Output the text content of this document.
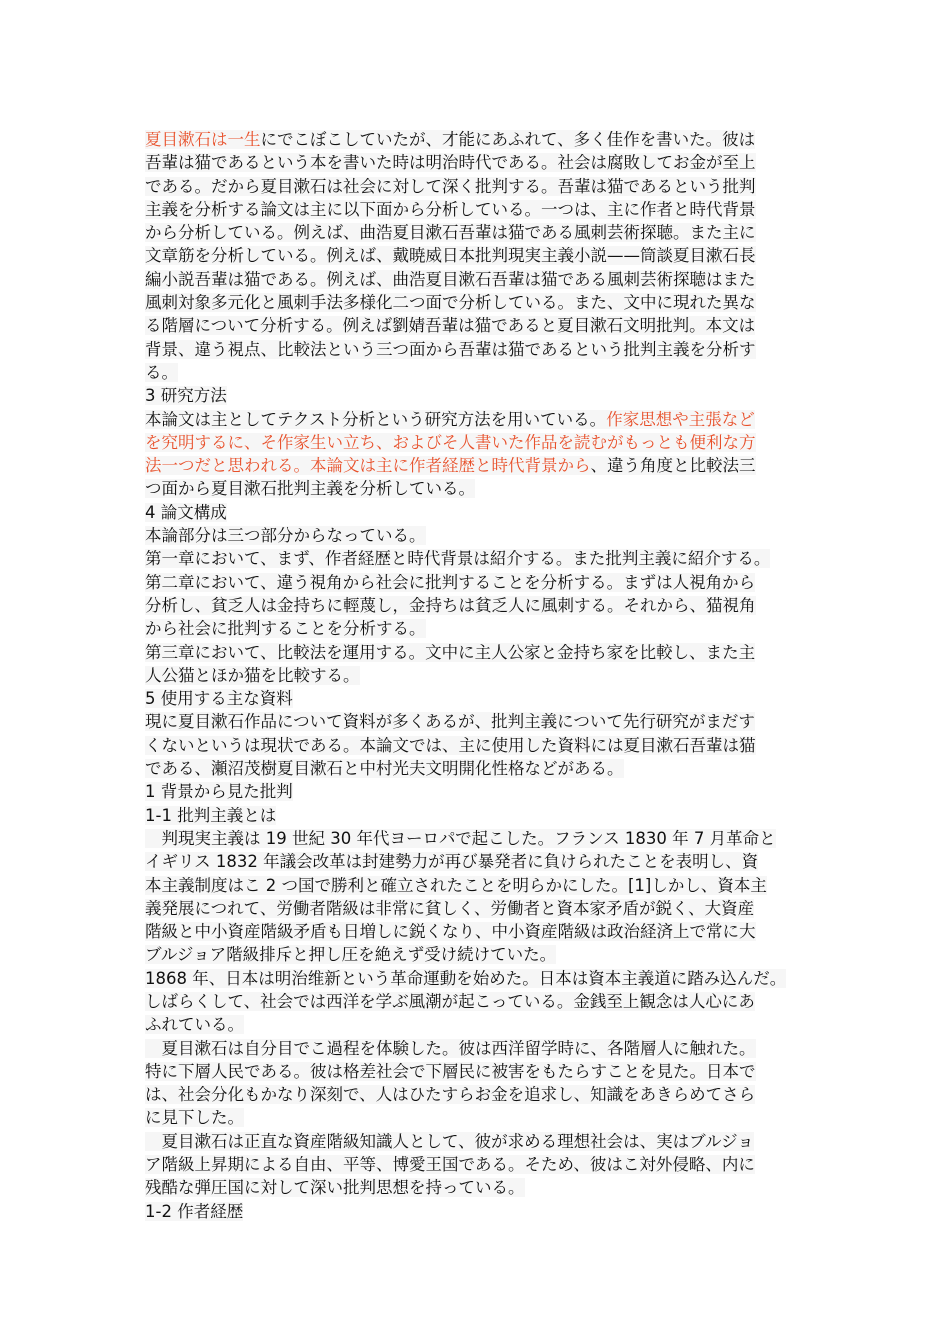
夏目漱石は一生にでこぼこしていたが、才能にあふれて、多く佳作を書いた。彼は
吾輩は猫であるという本を書いた時は明治時代である。社会は腐敗してお金が至上
である。だから夏目漱石は社会に対して深く批判する。吾輩は猫であるという批判
主義を分析する論文は主に以下面から分析している。一つは、主に作者と時代背景
から分析している。例えば、曲浩夏目漱石吾輩は猫である風刺芸術探聴。また主に
文章筋を分析している。例えば、戴暁威日本批判現実主義小説——筒談夏目漱石長
編小説吾輩は猫である。例えば、曲浩夏目漱石吾輩は猫である風刺芸術探聴はまた
風刺対象多元化と風刺手法多様化二つ面で分析している。また、文中に現れた異な
る階層について分析する。例えば劉婧吾輩は猫であると夏目漱石文明批判。本文は
背景、違う視点、比較法という三つ面から吾輩は猫であるという批判主義を分析す
る。
3 研究方法
本論文は主としてテクスト分析という研究方法を用いている。作家思想や主張など
を究明するに、そ作家生い立ち、およびそ人書いた作品を読むがもっとも便利な方
法一つだと思われる。本論文は主に作者経歴と時代背景から、違う角度と比較法三
つ面から夏目漱石批判主義を分析している。
4 論文構成
本論部分は三つ部分からなっている。
第一章において、まず、作者経歴と時代背景は紹介する。また批判主義に紹介する。
第二章において、違う視角から社会に批判することを分析する。まずは人視角から
分析し、貧乏人は金持ちに輕蔑し，金持ちは貧乏人に風刺する。それから、猫視角
から社会に批判することを分析する。
第三章において、比較法を運用する。文中に主人公家と金持ち家を比較し、また主
人公猫とほか猫を比較する。
5 使用する主な資料
現に夏目漱石作品について資料が多くあるが、批判主義について先行研究がまだす
くないというは現状である。本論文では、主に使用した資料には夏目漱石吾輩は猫
である、瀬沼茂樹夏目漱石と中村光夫文明開化性格などがある。
1 背景から見た批判
1-1 批判主義とは
　判現実主義は 19 世紀 30 年代ヨーロパで起こした。フランス 1830 年 7 月革命と
イギリス 1832 年議会改革は封建勢力が再び暴発者に負けられたことを表明し、資
本主義制度はこ 2 つ国で勝利と確立されたことを明らかにした。[1]しかし、資本主
義発展につれて、労働者階級は非常に貧しく、労働者と資本家矛盾が鋭く、大資産
階級と中小資産階級矛盾も日増しに鋭くなり、中小資産階級は政治経済上で常に大
ブルジョア階級排斥と押し圧を絶えず受け続けていた。
1868 年、日本は明治维新という革命運動を始めた。日本は資本主義道に踏み込んだ。
しばらくして、社会では西洋を学ぶ風潮が起こっている。金銭至上観念は人心にあ
ふれている。
　夏目漱石は自分目でこ過程を体験した。彼は西洋留学時に、各階層人に触れた。
特に下層人民である。彼は格差社会で下層民に被害をもたらすことを見た。日本で
は、社会分化もかなり深刻で、人はひたすらお金を追求し、知識をあきらめてさら
に見下した。
　夏目漱石は正直な資産階級知識人として、彼が求める理想社会は、実はブルジョ
ア階級上昇期による自由、平等、博愛王国である。そため、彼はこ対外侵略、内に
残酷な弾圧国に対して深い批判思想を持っている。
1-2 作者経歴
